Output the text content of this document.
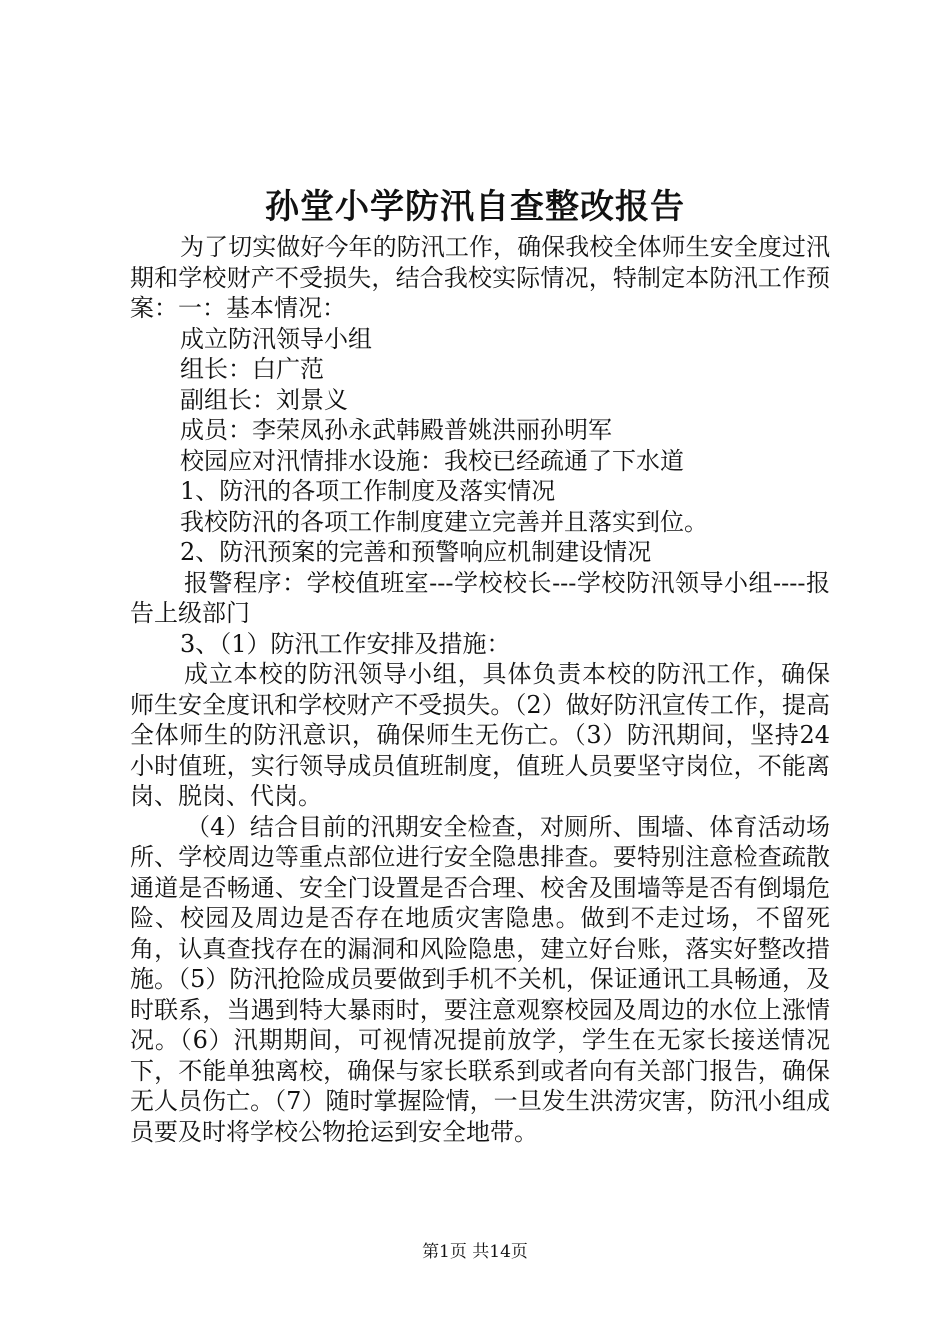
孙堂小学防汛自查整改报告

为了切实做好今年的防汛工作，确保我校全体师生安全度过汛期和学校财产不受损失，结合我校实际情况，特制定本防汛工作预案：一：基本情况：

成立防汛领导小组

组长：白广范

副组长：刘景义

成员：李荣凤孙永武韩殿普姚洪丽孙明军

校园应对汛情排水设施：我校已经疏通了下水道

1、防汛的各项工作制度及落实情况

我校防汛的各项工作制度建立完善并且落实到位。

2、防汛预案的完善和预警响应机制建设情况

报警程序：学校值班室---学校校长---学校防汛领导小组----报告上级部门

3、（1）防汛工作安排及措施：

成立本校的防汛领导小组，具体负责本校的防汛工作，确保师生安全度讯和学校财产不受损失。（2）做好防汛宣传工作，提高全体师生的防汛意识，确保师生无伤亡。（3）防汛期间，坚持24小时值班，实行领导成员值班制度，值班人员要坚守岗位，不能离岗、脱岗、代岗。

（4）结合目前的汛期安全检查，对厕所、围墙、体育活动场所、学校周边等重点部位进行安全隐患排查。要特别注意检查疏散通道是否畅通、安全门设置是否合理、校舍及围墙等是否有倒塌危险、校园及周边是否存在地质灾害隐患。做到不走过场，不留死角，认真查找存在的漏洞和风险隐患，建立好台账，落实好整改措施。（5）防汛抢险成员要做到手机不关机，保证通讯工具畅通，及时联系，当遇到特大暴雨时，要注意观察校园及周边的水位上涨情况。（6）汛期期间，可视情况提前放学，学生在无家长接送情况下，不能单独离校，确保与家长联系到或者向有关部门报告，确保无人员伤亡。（7）随时掌握险情，一旦发生洪涝灾害，防汛小组成员要及时将学校公物抢运到安全地带。

第1页 共14页
